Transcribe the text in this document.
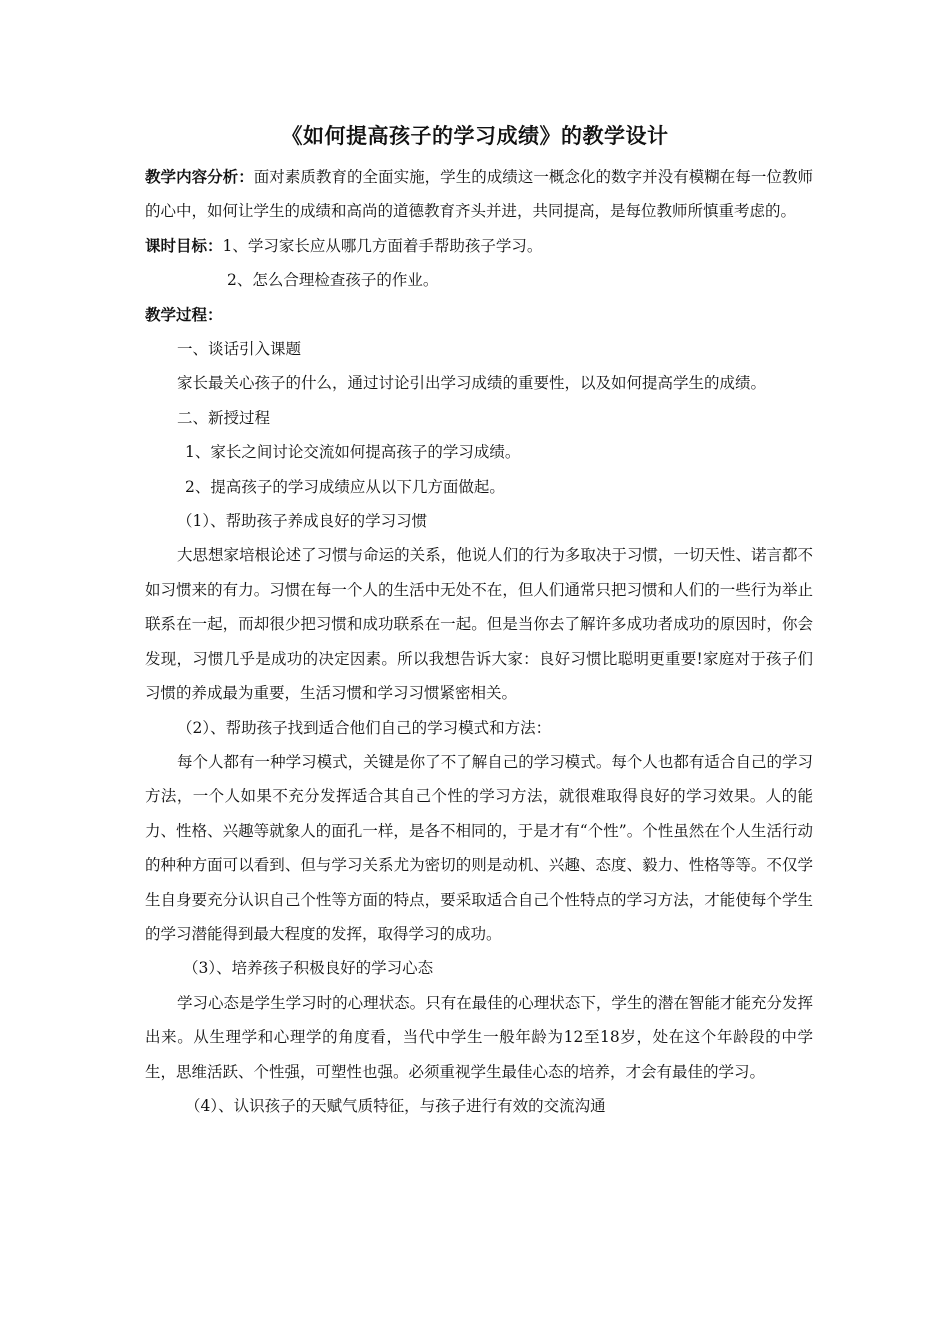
《如何提高孩子的学习成绩》的教学设计

教学内容分析：面对素质教育的全面实施，学生的成绩这一概念化的数字并没有模糊在每一位教师的心中，如何让学生的成绩和高尚的道德教育齐头并进，共同提高，是每位教师所慎重考虑的。

课时目标：1、学习家长应从哪几方面着手帮助孩子学习。

2、怎么合理检查孩子的作业。

教学过程：

一、谈话引入课题

家长最关心孩子的什么，通过讨论引出学习成绩的重要性，以及如何提高学生的成绩。

二、新授过程

1、家长之间讨论交流如何提高孩子的学习成绩。

2、提高孩子的学习成绩应从以下几方面做起。

（1）、帮助孩子养成良好的学习习惯

大思想家培根论述了习惯与命运的关系，他说人们的行为多取决于习惯，一切天性、诺言都不如习惯来的有力。习惯在每一个人的生活中无处不在，但人们通常只把习惯和人们的一些行为举止联系在一起，而却很少把习惯和成功联系在一起。但是当你去了解许多成功者成功的原因时，你会发现，习惯几乎是成功的决定因素。所以我想告诉大家：良好习惯比聪明更重要!家庭对于孩子们习惯的养成最为重要，生活习惯和学习习惯紧密相关。

（2）、帮助孩子找到适合他们自己的学习模式和方法：

每个人都有一种学习模式，关键是你了不了解自己的学习模式。每个人也都有适合自己的学习方法，一个人如果不充分发挥适合其自己个性的学习方法，就很难取得良好的学习效果。人的能力、性格、兴趣等就象人的面孔一样，是各不相同的，于是才有“个性”。个性虽然在个人生活行动的种种方面可以看到、但与学习关系尤为密切的则是动机、兴趣、态度、毅力、性格等等。不仅学生自身要充分认识自己个性等方面的特点，要采取适合自己个性特点的学习方法，才能使每个学生的学习潜能得到最大程度的发挥，取得学习的成功。

（3）、培养孩子积极良好的学习心态

学习心态是学生学习时的心理状态。只有在最佳的心理状态下，学生的潜在智能才能充分发挥出来。从生理学和心理学的角度看，当代中学生一般年龄为12至18岁，处在这个年龄段的中学生，思维活跃、个性强，可塑性也强。必须重视学生最佳心态的培养，才会有最佳的学习。

（4）、认识孩子的天赋气质特征，与孩子进行有效的交流沟通
